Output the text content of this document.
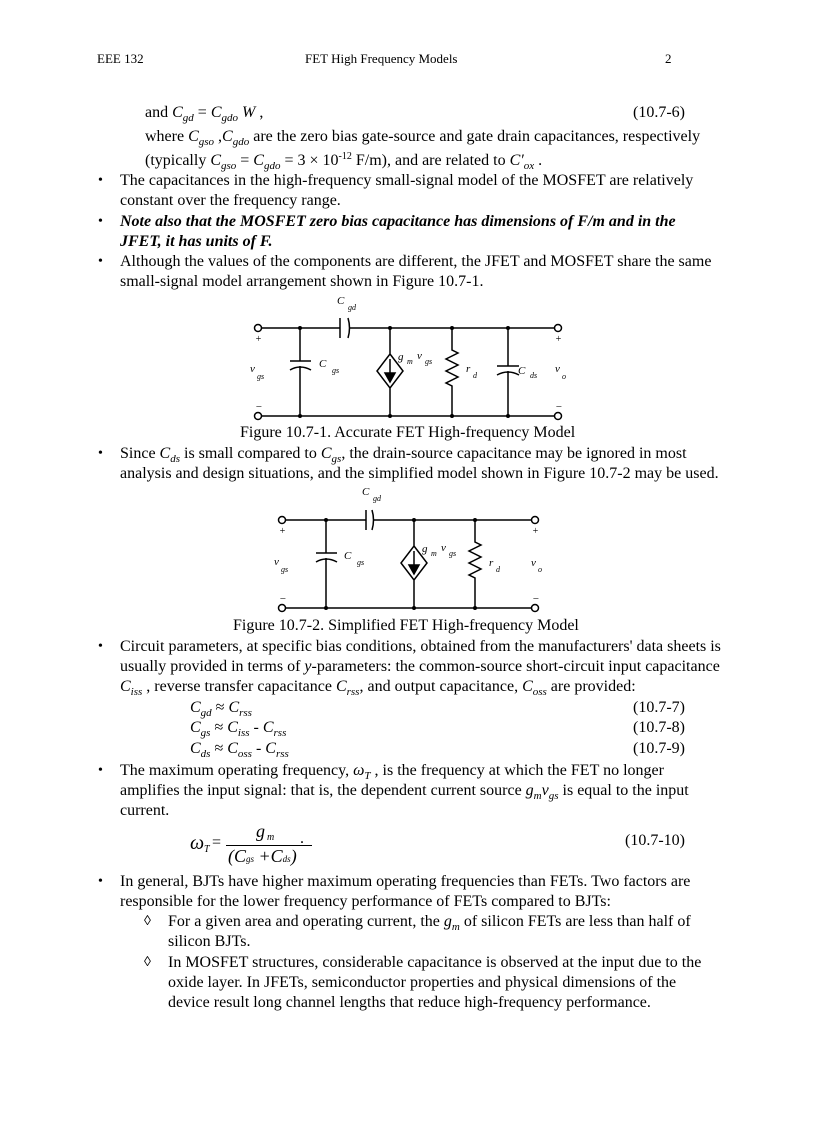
EEE 132	FET High Frequency Models	2
and $C_{gd} = C_{gdo}$ W ,	(10.7-6)
where $C_{gso}$ $,C_{gdo}$ are the zero bias gate-source and gate drain capacitances, respectively
(typically $C_{gso} = C_{gdo} = 3 \times 10^{-12}$ F/m), and are related to $C'_{ox}$ .
The capacitances in the high-frequency small-signal model of the MOSFET are relatively
•
constant over the frequency range.
Note also that the MOSFET zero bias capacitance has dimensions of F/m and in the
•
JFET, it has units of F.
Although the values of the components are different, the JFET and MOSFET share the same
•
small-signal model arrangement shown in Figure 10.7-1.
Since $C_{ds}$ is small compared to $C_{gs}$, the drain-source capacitance may be ignored in most
•
analysis and design situations, and the simplified model shown in Figure 10.7-2 may be used.
Circuit parameters, at specific bias conditions, obtained from the manufacturers' data sheets is
•
usually provided in terms of y-parameters: the common-source short-circuit input capacitance
$C_{iss}$ , reverse transfer capacitance $C_{rss}$, and output capacitance, $C_{oss}$ are provided:
$C_{gd} \approx C_{rss}$	(10.7-7)
$C_{gs} \approx C_{iss} - C_{rss}$	(10.7-8)
$C_{ds} \approx C_{oss} - C_{rss}$	(10.7-9)
The maximum operating frequency, $\omega_T$ , is the frequency at which the FET no longer
•
amplifies the input signal: that is, the dependent current source $g_mv_{gs}$ is equal to the input
current.
In general, BJTs have higher maximum operating frequencies than FETs. Two factors are
•
responsible for the lower frequency performance of FETs compared to BJTs:
For a given area and operating current, the $g_m$ of silicon FETs are less than half of
◊
silicon BJTs.
In MOSFET structures, considerable capacitance is observed at the input due to the
◊
oxide layer. In JFETs, semiconductor properties and physical dimensions of the
device result long channel lengths that reduce high-frequency performance.
ω T =
g m
(Cgs +Cds)
.	(10.7-10)
Figure 10.7-1. Accurate FET High-frequency Model
Figure 10.7-2. Simplified FET High-frequency Model
C
gd
C
gs
g m v gs
r
d	C ds
v
gs
v
o
+	+
−	−
C
gd
C
gs
g m v gs
r
d
v
gs
v
o
+	+
−	−
